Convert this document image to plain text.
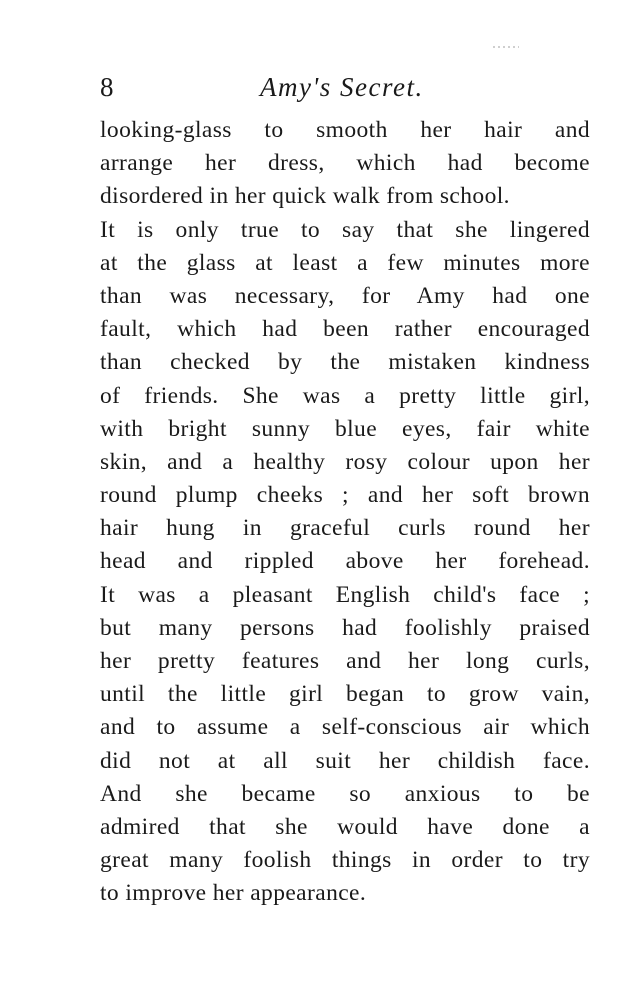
8	Amy's Secret.
looking-glass to smooth her hair and
arrange her dress, which had become
disordered in her quick walk from school.
It is only true to say that she lingered
at the glass at least a few minutes more
than was necessary, for Amy had one
fault, which had been rather encouraged
than checked by the mistaken kindness
of friends. She was a pretty little girl,
with bright sunny blue eyes, fair white
skin, and a healthy rosy colour upon her
round plump cheeks ; and her soft brown
hair hung in graceful curls round her
head and rippled above her forehead.
It was a pleasant English child's face ;
but many persons had foolishly praised
her pretty features and her long curls,
until the little girl began to grow vain,
and to assume a self-conscious air which
did not at all suit her childish face.
And she became so anxious to be
admired that she would have done a
great many foolish things in order to try
to improve her appearance.
